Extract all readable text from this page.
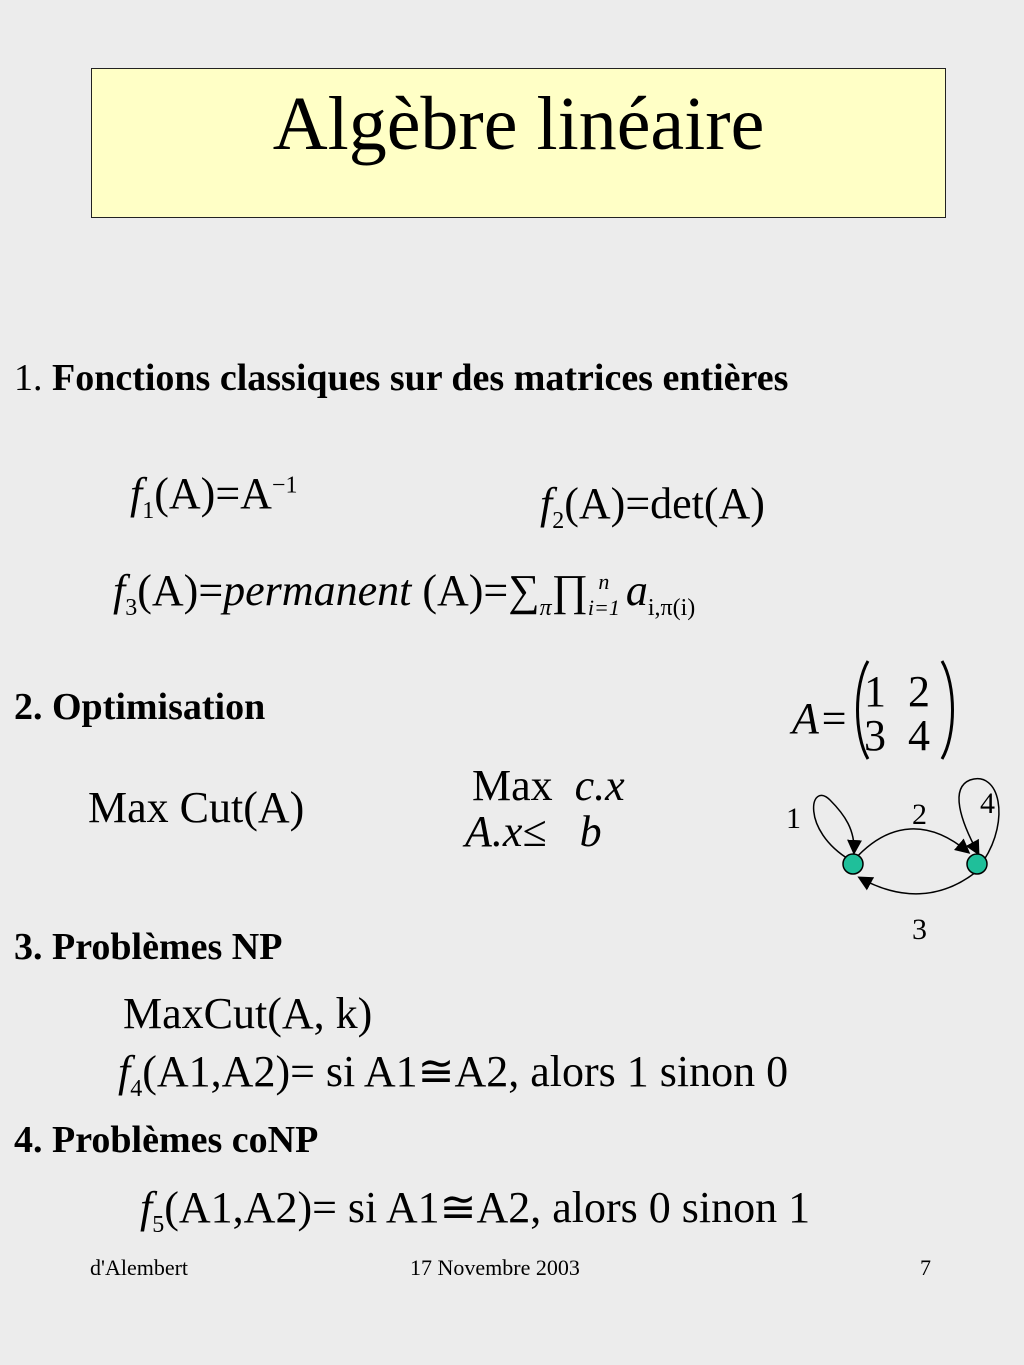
Algèbre linéaire
1. Fonctions classiques sur des matrices entières
$f_1(A)=A^{-1}$	$f_2(A)=\det(A)$
$f_3(A)=permanent$ $(A)=\sum_\pi\prod$ n
i=1 $a_{i,\pi(i)}$
2. Optimisation
Max Cut(A)	Max c.x
A.x≤ b
A=
1 2
3 4
1	2
3
4
3. Problèmes NP
MaxCut(A, k)
$f_4(A1,A2)=$ si A1≅A2, alors 1 sinon 0
4. Problèmes coNP
$f_5(A1,A2)=$ si A1≅A2, alors 0 sinon 1
d'Alembert	17 Novembre 2003	7
